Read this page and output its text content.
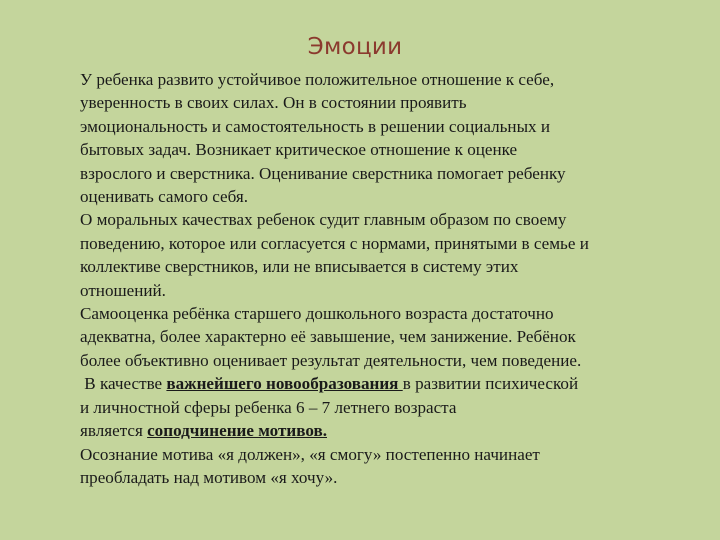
Эмоции

У ребенка развито устойчивое положительное отношение к себе,
уверенность в своих силах. Он в состоянии проявить
эмоциональность и самостоятельность в решении социальных и
бытовых задач. Возникает критическое отношение к оценке
взрослого и сверстника. Оценивание сверстника помогает ребенку
оценивать самого себя.

О моральных качествах ребенок судит главным образом по своему
поведению, которое или согласуется с нормами, принятыми в семье и
коллективе сверстников, или не вписывается в систему этих
отношений.

Самооценка ребёнка старшего дошкольного возраста достаточно
адекватна, более характерно её завышение, чем занижение. Ребёнок
более объективно оценивает результат деятельности, чем поведение.

В качестве важнейшего новообразования в развитии психической
и личностной сферы ребенка 6 – 7 летнего возраста
является соподчинение мотивов.

Осознание мотива «я должен», «я смогу» постепенно начинает
преобладать над мотивом «я хочу».
